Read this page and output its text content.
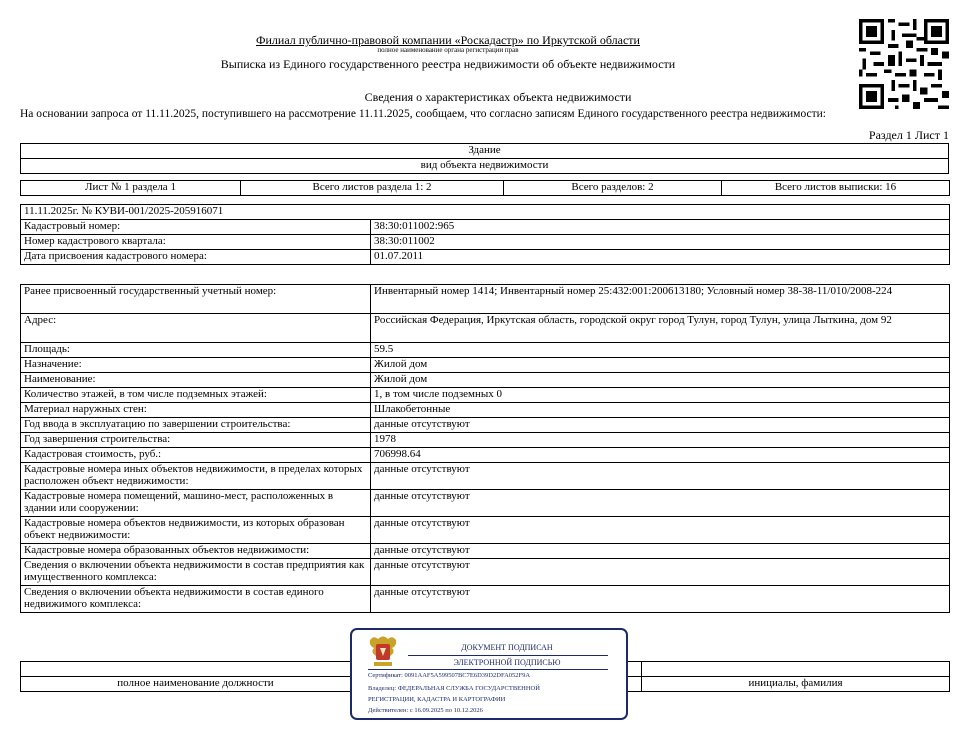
Филиал публично-правовой компании «Роскадастр» по Иркутской области
полное наименование органа регистрации прав
Выписка из Единого государственного реестра недвижимости об объекте недвижимости
Сведения о характеристиках объекта недвижимости
На основании запроса от 11.11.2025, поступившего на рассмотрение 11.11.2025, сообщаем, что согласно записям Единого государственного реестра недвижимости:
Раздел 1 Лист 1
Здание
вид объекта недвижимости
Лист № 1 раздела 1	Всего листов раздела 1: 2	Всего разделов: 2	Всего листов выписки: 16
11.11.2025г. № КУВИ-001/2025-205916071	
Кадастровый номер:	38:30:011002:965
Номер кадастрового квартала:	38:30:011002
Дата присвоения кадастрового номера:	01.07.2011
Ранее присвоенный государственный учетный номер:	Инвентарный номер 1414; Инвентарный номер 25:432:001:200613180; Условный номер 38-38-11/010/2008-224
Адрес:	Российская Федерация, Иркутская область, городской округ город Тулун, город Тулун, улица Лыткина, дом 92
Площадь:	59.5
Назначение:	Жилой дом
Наименование:	Жилой дом
Количество этажей, в том числе подземных этажей:	1, в том числе подземных 0
Материал наружных стен:	Шлакобетонные
Год ввода в эксплуатацию по завершении строительства:	данные отсутствуют
Год завершения строительства:	1978
Кадастровая стоимость, руб.:	706998.64
Кадастровые номера иных объектов недвижимости, в пределах которых расположен объект недвижимости:	данные отсутствуют
Кадастровые номера помещений, машино-мест, расположенных в здании или сооружении:	данные отсутствуют
Кадастровые номера объектов недвижимости, из которых образован объект недвижимости:	данные отсутствуют
Кадастровые номера образованных объектов недвижимости:	данные отсутствуют
Сведения о включении объекта недвижимости в состав предприятия как имущественного комплекса:	данные отсутствуют
Сведения о включении объекта недвижимости в состав единого недвижимого комплекса:	данные отсутствуют

полное наименование должности		инициалы, фамилия
ДОКУМЕНТ ПОДПИСАН
ЭЛЕКТРОННОЙ ПОДПИСЬЮ
Сертификат: 0091AAF5A599507BC7E6D39D2DFA052F9A
Владелец: ФЕДЕРАЛЬНАЯ СЛУЖБА ГОСУДАРСТВЕННОЙ
РЕГИСТРАЦИИ, КАДАСТРА И КАРТОГРАФИИ
Действителен: с 16.09.2025 по 10.12.2026
